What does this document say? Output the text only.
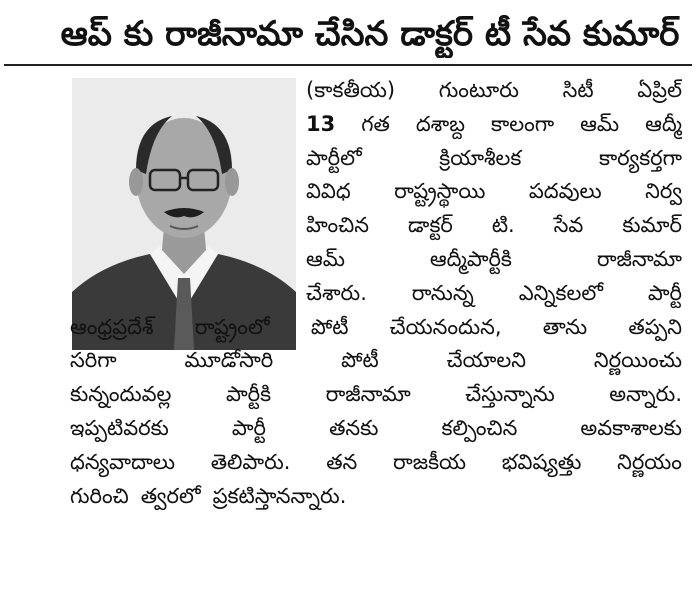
ఆప్ కు రాజీనామా చేసిన డాక్టర్ టీ సేవ కుమార్
(కాకతీయ) గుంటూరు సిటీ ఏప్రిల్
13 గత దశాబ్ద కాలంగా ఆమ్ ఆద్మీ
పార్టీలో	క్రియాశీలక	కార్యకర్తగా
వివిధ రాష్ట్రస్థాయి పదవులు నిర్వ
హించిన డాక్టర్ టి. సేవ కుమార్
ఆమ్	ఆద్మీపార్టీకి	రాజీనామా
చేశారు. రానున్న ఎన్నికలలో పార్టీ
ఆంధ్రప్రదేశ్ రాష్ట్రంలో పోటీ చేయనందున, తాను తప్పని
సరిగా	మూడోసారి	పోటీ	చేయాలని	నిర్ణయించు
కున్నందువల్ల	పార్టీకి	రాజీనామా	చేస్తున్నాను	అన్నారు.
ఇప్పటివరకు	పార్టీ	తనకు	కల్పించిన	అవకాశాలకు
ధన్యవాదాలు తెలిపారు. తన రాజకీయ భవిష్యత్తు నిర్ణయం
గురించి త్వరలో ప్రకటిస్తానన్నారు.
